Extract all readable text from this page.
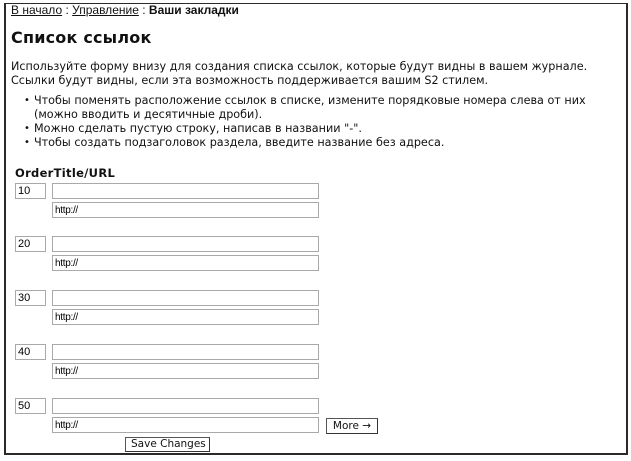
В начало : Управление : Ваши закладки
Список ссылок

Используйте форму внизу для создания списка ссылок, которые будут видны в вашем журнале. Ссылки будут видны, если эта возможность поддерживается вашим S2 стилем.

• Чтобы поменять расположение ссылок в списке, измените порядковые номера слева от них (можно вводить и десятичные дроби).
• Можно сделать пустую строку, написав в названии "-".
• Чтобы создать подзаголовок раздела, введите название без адреса.
OrderTitle/URL
10
http://
20
http://
30
http://
40
http://
50
http://
More →
Save Changes
